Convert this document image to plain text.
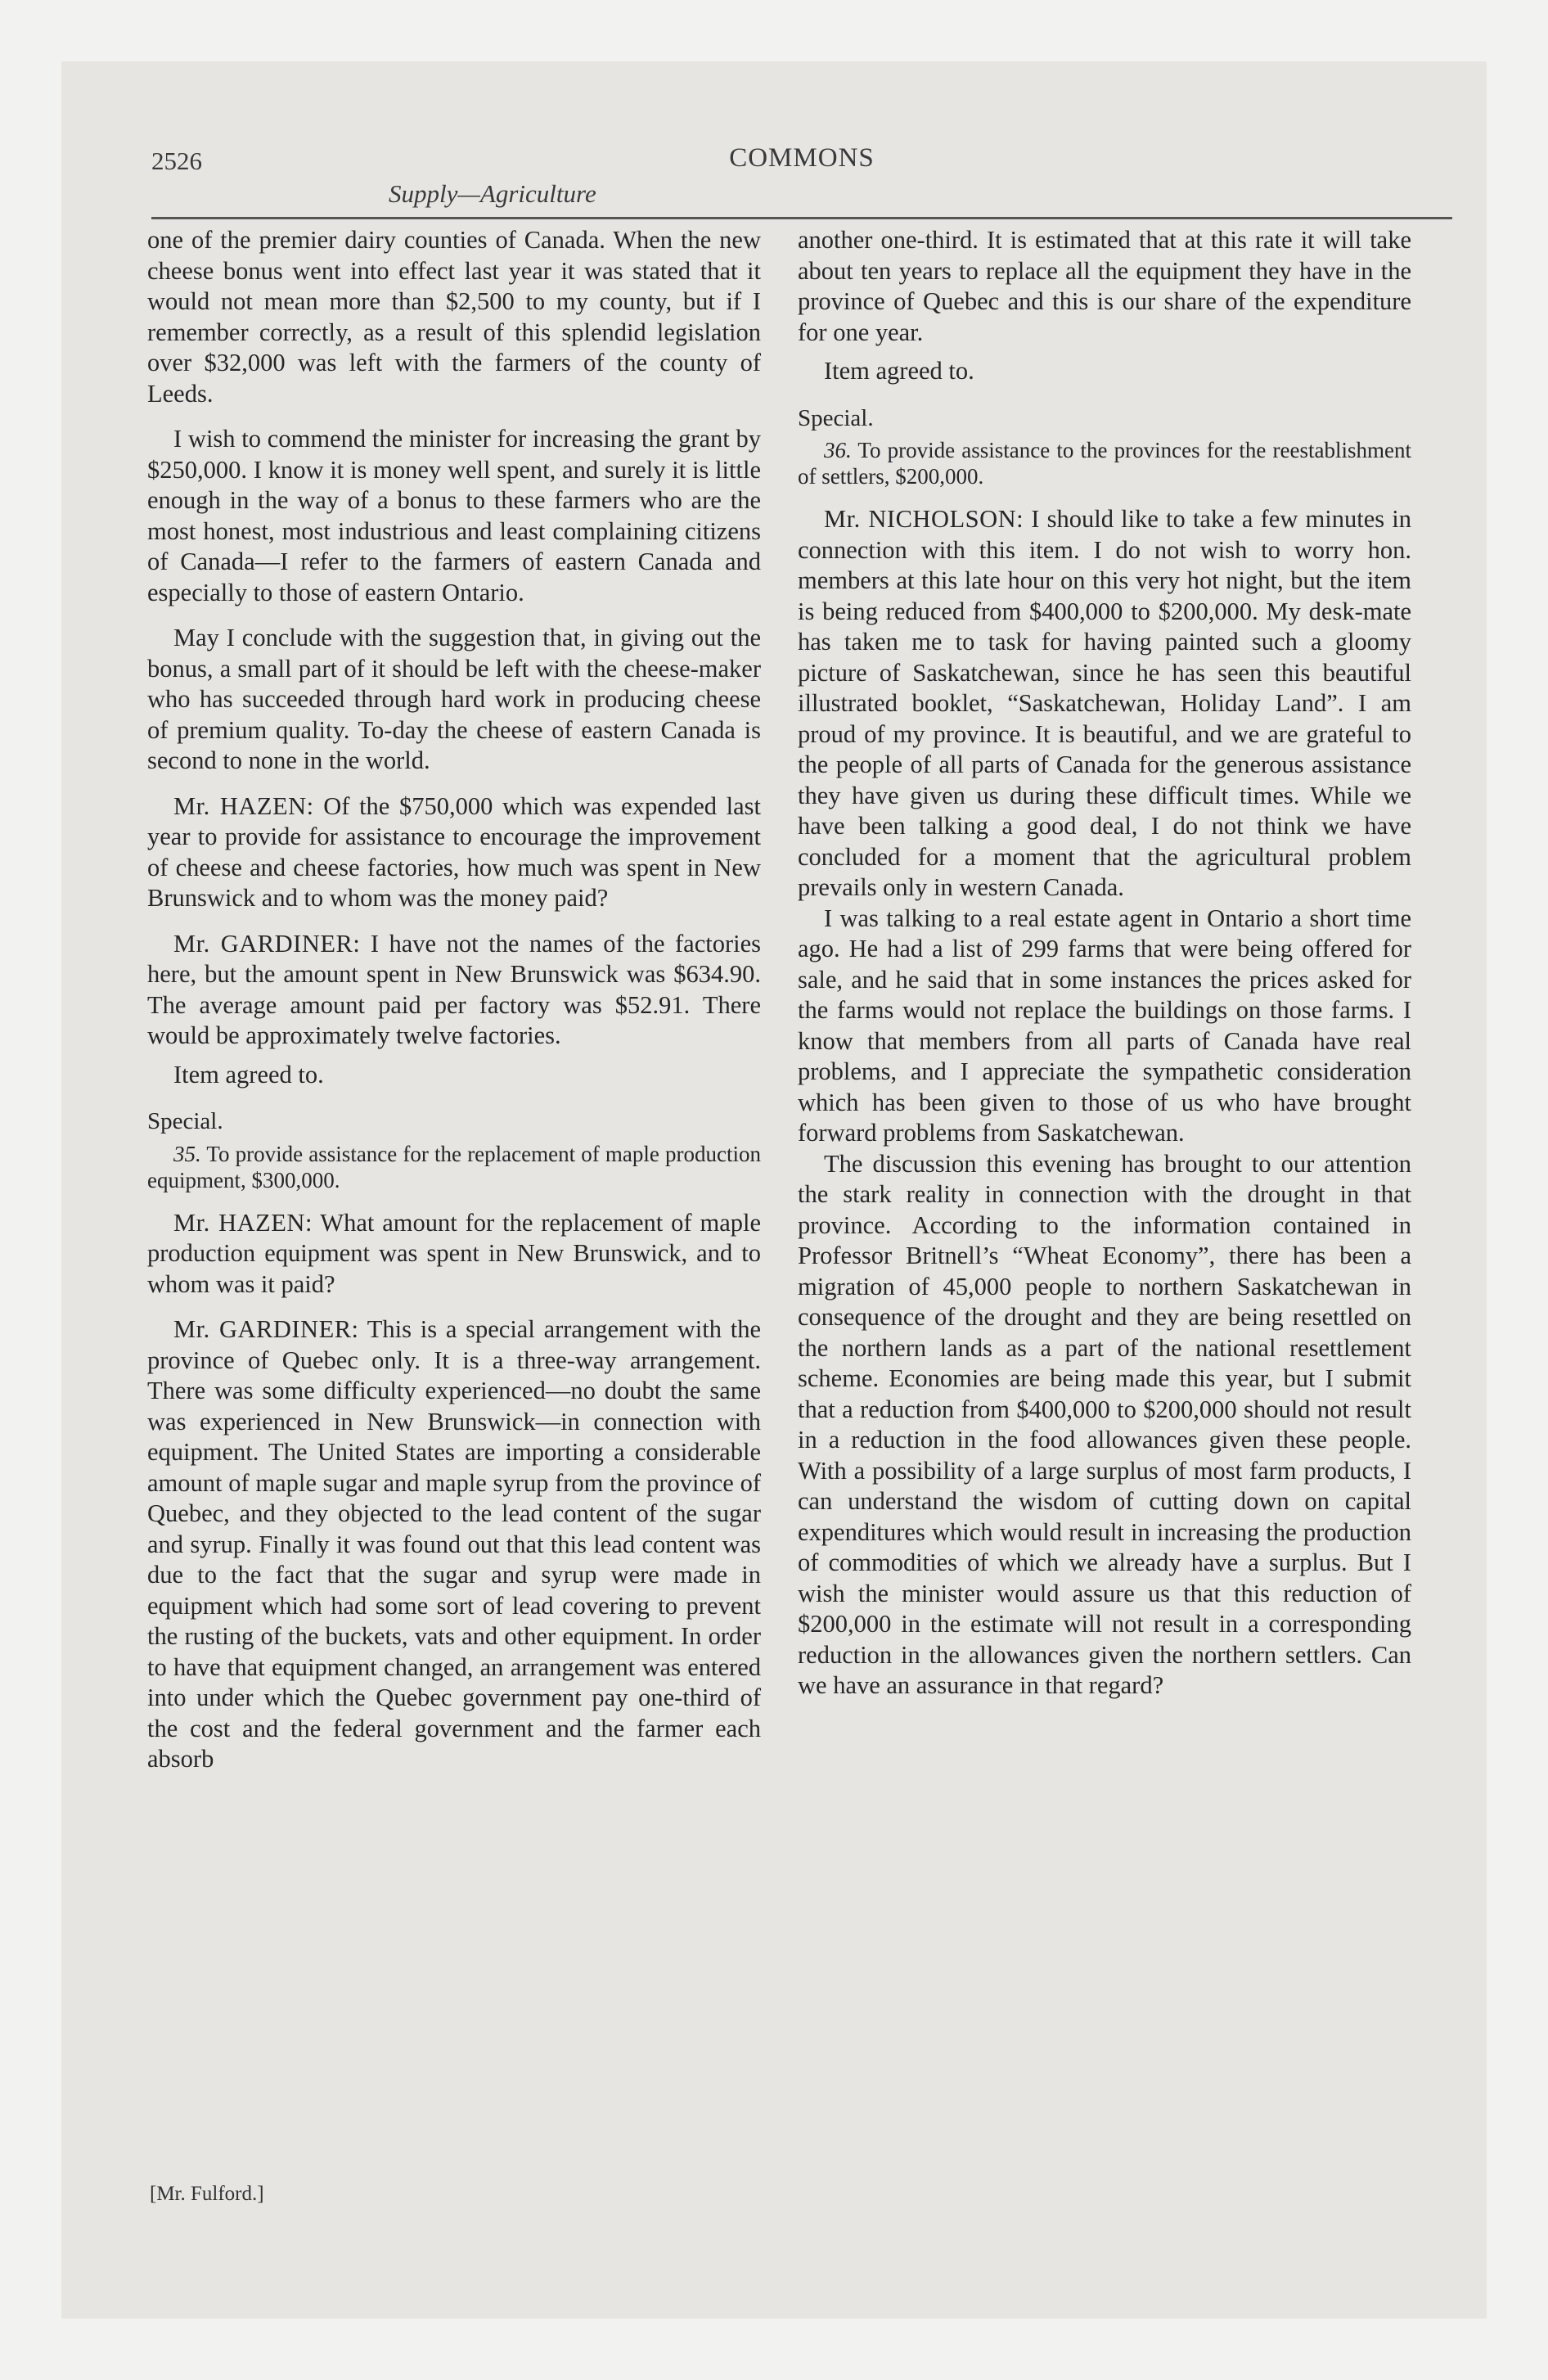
2526	COMMONS
Supply—Agriculture

one of the premier dairy counties of Canada. When the new cheese bonus went into effect last year it was stated that it would not mean more than $2,500 to my county, but if I remember correctly, as a result of this splendid legislation over $32,000 was left with the farmers of the county of Leeds.

I wish to commend the minister for increasing the grant by $250,000. I know it is money well spent, and surely it is little enough in the way of a bonus to these farmers who are the most honest, most industrious and least complaining citizens of Canada—I refer to the farmers of eastern Canada and especially to those of eastern Ontario.

May I conclude with the suggestion that, in giving out the bonus, a small part of it should be left with the cheese-maker who has succeeded through hard work in producing cheese of premium quality. To-day the cheese of eastern Canada is second to none in the world.

Mr. HAZEN: Of the $750,000 which was expended last year to provide for assistance to encourage the improvement of cheese and cheese factories, how much was spent in New Brunswick and to whom was the money paid?

Mr. GARDINER: I have not the names of the factories here, but the amount spent in New Brunswick was $634.90. The average amount paid per factory was $52.91. There would be approximately twelve factories.

Item agreed to.

Special.

35. To provide assistance for the replacement of maple production equipment, $300,000.

Mr. HAZEN: What amount for the replacement of maple production equipment was spent in New Brunswick, and to whom was it paid?

Mr. GARDINER: This is a special arrangement with the province of Quebec only. It is a three-way arrangement. There was some difficulty experienced—no doubt the same was experienced in New Brunswick—in connection with equipment. The United States are importing a considerable amount of maple sugar and maple syrup from the province of Quebec, and they objected to the lead content of the sugar and syrup. Finally it was found out that this lead content was due to the fact that the sugar and syrup were made in equipment which had some sort of lead covering to prevent the rusting of the buckets, vats and other equipment. In order to have that equipment changed, an arrangement was entered into under which the Quebec government pay one-third of the cost and the federal government and the farmer each absorb

another one-third. It is estimated that at this rate it will take about ten years to replace all the equipment they have in the province of Quebec and this is our share of the expenditure for one year.

Item agreed to.

Special.

36. To provide assistance to the provinces for the reestablishment of settlers, $200,000.

Mr. NICHOLSON: I should like to take a few minutes in connection with this item. I do not wish to worry hon. members at this late hour on this very hot night, but the item is being reduced from $400,000 to $200,000. My desk-mate has taken me to task for having painted such a gloomy picture of Saskatchewan, since he has seen this beautiful illustrated booklet, “Saskatchewan, Holiday Land”. I am proud of my province. It is beautiful, and we are grateful to the people of all parts of Canada for the generous assistance they have given us during these difficult times. While we have been talking a good deal, I do not think we have concluded for a moment that the agricultural problem prevails only in western Canada.

I was talking to a real estate agent in Ontario a short time ago. He had a list of 299 farms that were being offered for sale, and he said that in some instances the prices asked for the farms would not replace the buildings on those farms. I know that members from all parts of Canada have real problems, and I appreciate the sympathetic consideration which has been given to those of us who have brought forward problems from Saskatchewan.

The discussion this evening has brought to our attention the stark reality in connection with the drought in that province. According to the information contained in Professor Britnell’s “Wheat Economy”, there has been a migration of 45,000 people to northern Saskatchewan in consequence of the drought and they are being resettled on the northern lands as a part of the national resettlement scheme. Economies are being made this year, but I submit that a reduction from $400,000 to $200,000 should not result in a reduction in the food allowances given these people. With a possibility of a large surplus of most farm products, I can understand the wisdom of cutting down on capital expenditures which would result in increasing the production of commodities of which we already have a surplus. But I wish the minister would assure us that this reduction of $200,000 in the estimate will not result in a corresponding reduction in the allowances given the northern settlers. Can we have an assurance in that regard?

[Mr. Fulford.]
